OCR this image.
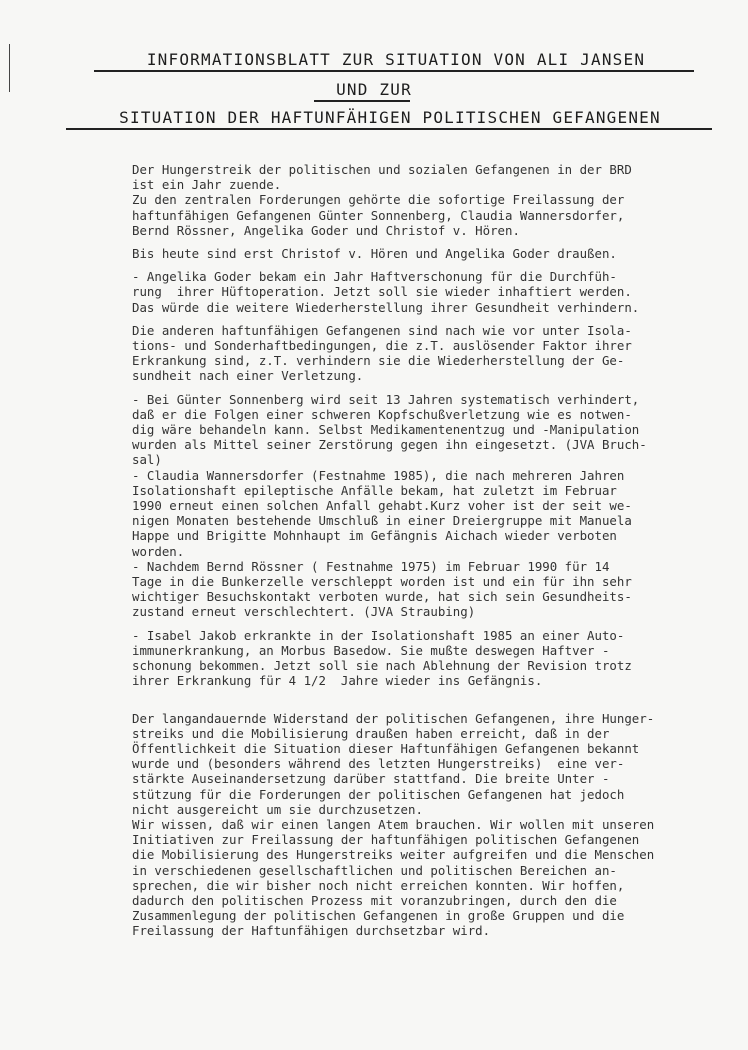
INFORMATIONSBLATT ZUR SITUATION VON ALI JANSEN
UND ZUR
SITUATION DER HAFTUNFÄHIGEN POLITISCHEN GEFANGENEN
Der Hungerstreik der politischen und sozialen Gefangenen in der BRD
ist ein Jahr zuende.
Zu den zentralen Forderungen gehörte die sofortige Freilassung der
haftunfähigen Gefangenen Günter Sonnenberg, Claudia Wannersdorfer,
Bernd Rössner, Angelika Goder und Christof v. Hören.
Bis heute sind erst Christof v. Hören und Angelika Goder draußen.
- Angelika Goder bekam ein Jahr Haftverschonung für die Durchfüh-
rung  ihrer Hüftoperation. Jetzt soll sie wieder inhaftiert werden.
Das würde die weitere Wiederherstellung ihrer Gesundheit verhindern.
Die anderen haftunfähigen Gefangenen sind nach wie vor unter Isola-
tions- und Sonderhaftbedingungen, die z.T. auslösender Faktor ihrer
Erkrankung sind, z.T. verhindern sie die Wiederherstellung der Ge-
sundheit nach einer Verletzung.
- Bei Günter Sonnenberg wird seit 13 Jahren systematisch verhindert,
daß er die Folgen einer schweren Kopfschußverletzung wie es notwen-
dig wäre behandeln kann. Selbst Medikamentenentzug und -Manipulation
wurden als Mittel seiner Zerstörung gegen ihn eingesetzt. (JVA Bruch-
sal)
- Claudia Wannersdorfer (Festnahme 1985), die nach mehreren Jahren
Isolationshaft epileptische Anfälle bekam, hat zuletzt im Februar
1990 erneut einen solchen Anfall gehabt.Kurz voher ist der seit we-
nigen Monaten bestehende Umschluß in einer Dreiergruppe mit Manuela
Happe und Brigitte Mohnhaupt im Gefängnis Aichach wieder verboten
worden.
- Nachdem Bernd Rössner ( Festnahme 1975) im Februar 1990 für 14
Tage in die Bunkerzelle verschleppt worden ist und ein für ihn sehr
wichtiger Besuchskontakt verboten wurde, hat sich sein Gesundheits-
zustand erneut verschlechtert. (JVA Straubing)
- Isabel Jakob erkrankte in der Isolationshaft 1985 an einer Auto-
immunerkrankung, an Morbus Basedow. Sie mußte deswegen Haftver -
schonung bekommen. Jetzt soll sie nach Ablehnung der Revision trotz
ihrer Erkrankung für 4 1/2  Jahre wieder ins Gefängnis.
Der langandauernde Widerstand der politischen Gefangenen, ihre Hunger-
streiks und die Mobilisierung draußen haben erreicht, daß in der
Öffentlichkeit die Situation dieser Haftunfähigen Gefangenen bekannt
wurde und (besonders während des letzten Hungerstreiks)  eine ver-
stärkte Auseinandersetzung darüber stattfand. Die breite Unter -
stützung für die Forderungen der politischen Gefangenen hat jedoch
nicht ausgereicht um sie durchzusetzen.
Wir wissen, daß wir einen langen Atem brauchen. Wir wollen mit unseren
Initiativen zur Freilassung der haftunfähigen politischen Gefangenen
die Mobilisierung des Hungerstreiks weiter aufgreifen und die Menschen
in verschiedenen gesellschaftlichen und politischen Bereichen an-
sprechen, die wir bisher noch nicht erreichen konnten. Wir hoffen,
dadurch den politischen Prozess mit voranzubringen, durch den die
Zusammenlegung der politischen Gefangenen in große Gruppen und die
Freilassung der Haftunfähigen durchsetzbar wird.
